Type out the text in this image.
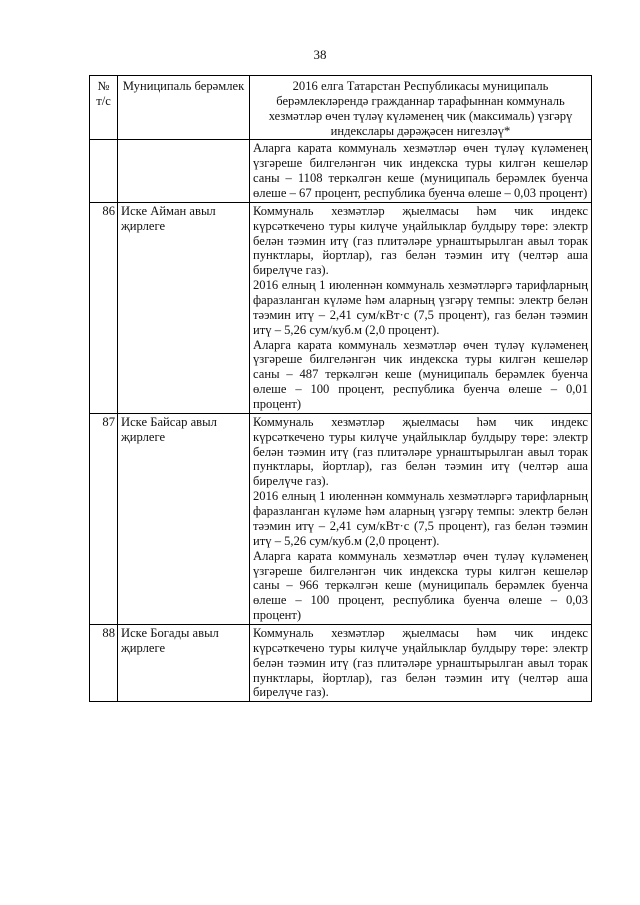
38
№ т/с	Муниципаль берәмлек	2016 елга Татарстан Республикасы муниципаль берәмлекләрендә гражданнар тарафыннан коммуналь хезмәтләр өчен түләү күләменең чик (максималь) үзгәрү индекслары дәрәҗәсен нигезләү*

		Аларга карата коммуналь хезмәтләр өчен түләү күләменең үзгәреше билгеләнгән чик индекска туры килгән кешеләр саны – 1108 теркәлгән кеше (муниципаль берәмлек буенча өлеше – 67 процент, республика буенча өлеше – 0,03 процент)

86	Иске Айман авыл җирлеге	Коммуналь хезмәтләр җыелмасы һәм чик индекс күрсәткечено туры килүче уңайлыклар булдыру төре: электр белән тәэмин итү (газ плитәләре урнаштырылган авыл торак пунктлары, йортлар), газ белән тәэмин итү (челтәр аша бирелүче газ).

2016 елның 1 июленнән коммуналь хезмәтләргә тарифларның фаразланган күләме һәм аларның үзгәрү темпы: электр белән тәэмин итү – 2,41 сум/кВт·с (7,5 процент), газ белән тәэмин итү – 5,26 сум/куб.м (2,0 процент).

Аларга карата коммуналь хезмәтләр өчен түләү күләменең үзгәреше билгеләнгән чик индекска туры килгән кешеләр саны – 487 теркәлгән кеше (муниципаль берәмлек буенча өлеше – 100 процент, республика буенча өлеше – 0,01 процент)

87	Иске Байсар авыл җирлеге	Коммуналь хезмәтләр җыелмасы һәм чик индекс күрсәткечено туры килүче уңайлыклар булдыру төре: электр белән тәэмин итү (газ плитәләре урнаштырылган авыл торак пунктлары, йортлар), газ белән тәэмин итү (челтәр аша бирелүче газ).

2016 елның 1 июленнән коммуналь хезмәтләргә тарифларның фаразланган күләме һәм аларның үзгәрү темпы: электр белән тәэмин итү – 2,41 сум/кВт·с (7,5 процент), газ белән тәэмин итү – 5,26 сум/куб.м (2,0 процент).

Аларга карата коммуналь хезмәтләр өчен түләү күләменең үзгәреше билгеләнгән чик индекска туры килгән кешеләр саны – 966 теркәлгән кеше (муниципаль берәмлек буенча өлеше – 100 процент, республика буенча өлеше – 0,03 процент)

88	Иске Богады авыл җирлеге	Коммуналь хезмәтләр җыелмасы һәм чик индекс күрсәткечено туры килүче уңайлыклар булдыру төре: электр белән тәэмин итү (газ плитәләре урнаштырылган авыл торак пунктлары, йортлар), газ белән тәэмин итү (челтәр аша бирелүче газ).
